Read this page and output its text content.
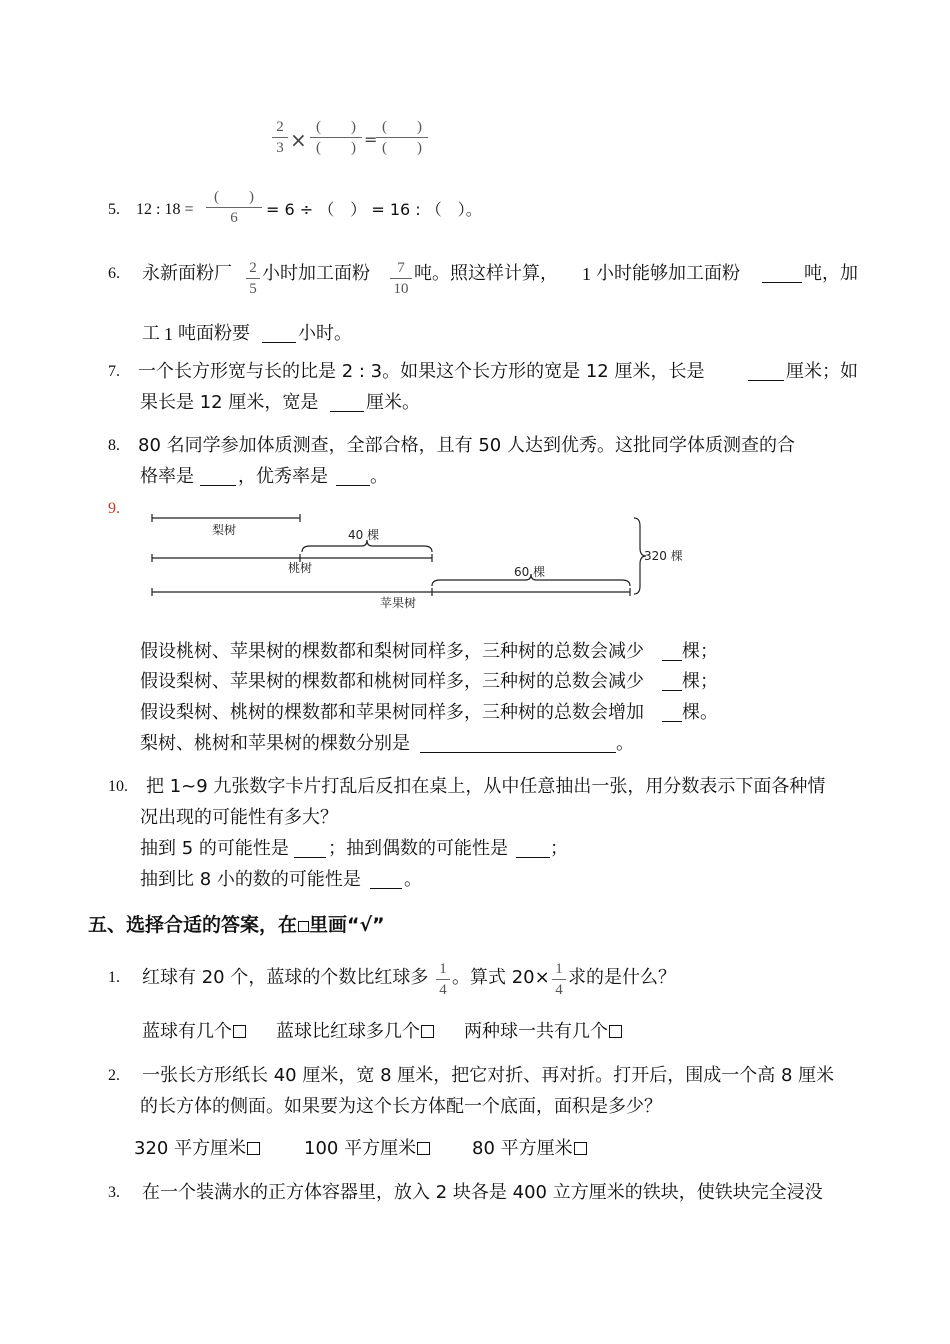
2
3 ×
(　　)
(　　) =
(　　)
(　　)
5. 12 : 18 =
(　　)
6	= 6 ÷ （　） = 16 : （　）。
6. 永新面粉厂 2
5
小时加工面粉	7
10
吨。照这样计算， 1 小时能够加工面粉	吨，加
工 1 吨面粉要	小时。
7. 一个长方形宽与长的比是 2 : 3。如果这个长方形的宽是 12 厘米，长是	厘米；如
果长是 12 厘米，宽是	厘米。
8. 80 名同学参加体质测查，全部合格，且有 50 人达到优秀。这批同学体质测查的合
格率是 ，优秀率是 。
9.
梨树	40 棵
桃树	60 棵
苹果树
320 棵
假设桃树、苹果树的棵数都和梨树同样多，三种树的总数会减少 棵；
假设梨树、苹果树的棵数都和桃树同样多，三种树的总数会减少 棵；
假设梨树、桃树的棵数都和苹果树同样多，三种树的总数会增加 棵。
梨树、桃树和苹果树的棵数分别是	。
10. 把 1~9 九张数字卡片打乱后反扣在桌上，从中任意抽出一张，用分数表示下面各种情
况出现的可能性有多大？
抽到 5 的可能性是 ；抽到偶数的可能性是 ；
抽到比 8 小的数的可能性是 。
五、选择合适的答案，在 里画“√”
1. 红球有 20 个，蓝球的个数比红球多 1
4
。算式 20× 1
4
求的是什么？
蓝球有几个	蓝球比红球多几个	两种球一共有几个
2. 一张长方形纸长 40 厘米，宽 8 厘米，把它对折、再对折。打开后，围成一个高 8 厘米
的长方体的侧面。如果要为这个长方体配一个底面，面积是多少？
320 平方厘米	100 平方厘米	80 平方厘米
3. 在一个装满水的正方体容器里，放入 2 块各是 400 立方厘米的铁块，使铁块完全浸没
